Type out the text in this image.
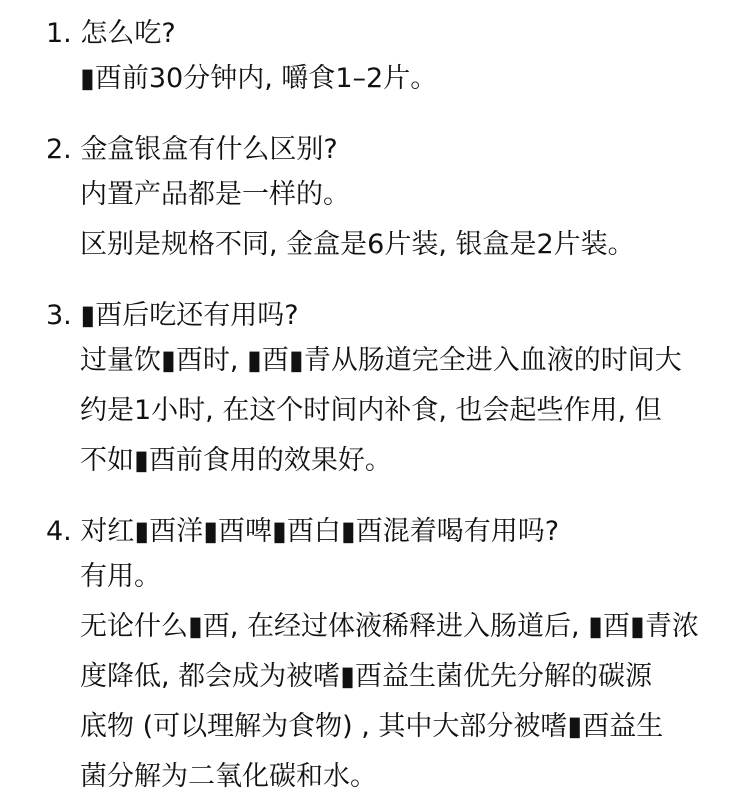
1. 怎么吃?
▮酉前30分钟内, 嚼食1–2片。
2. 金盒银盒有什么区别?
内置产品都是一样的。
区别是规格不同, 金盒是6片装, 银盒是2片装。
3. ▮酉后吃还有用吗?
过量饮▮酉时, ▮酉▮青从肠道完全进入血液的时间大
约是1小时, 在这个时间内补食, 也会起些作用, 但
不如▮酉前食用的效果好。
4. 对红▮酉洋▮酉啤▮酉白▮酉混着喝有用吗?
有用。
无论什么▮酉, 在经过体液稀释进入肠道后, ▮酉▮青浓
度降低, 都会成为被嗜▮酉益生菌优先分解的碳源
底物 (可以理解为食物) , 其中大部分被嗜▮酉益生
菌分解为二氧化碳和水。
